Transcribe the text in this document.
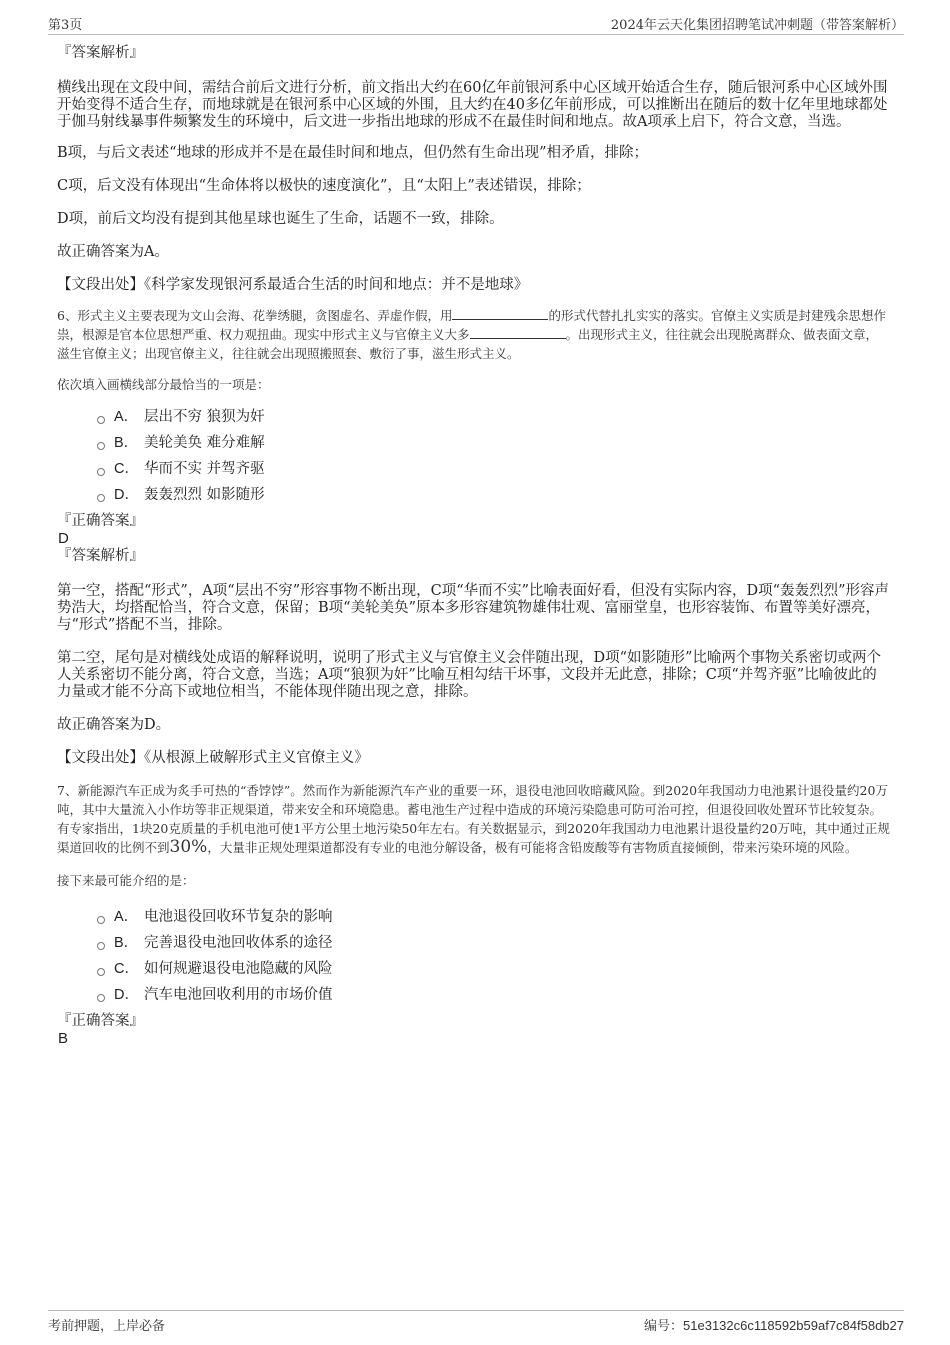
第3页	2024年云天化集团招聘笔试冲刺题（带答案解析）

『答案解析』

横线出现在文段中间，需结合前后文进行分析，前文指出大约在60亿年前银河系中心区域开始适合生存，随后银河系中心区域外围开始变得不适合生存，而地球就是在银河系中心区域的外围，且大约在40多亿年前形成，可以推断出在随后的数十亿年里地球都处于伽马射线暴事件频繁发生的环境中，后文进一步指出地球的形成不在最佳时间和地点。故A项承上启下，符合文意，当选。

B项，与后文表述“地球的形成并不是在最佳时间和地点，但仍然有生命出现”相矛盾，排除；

C项，后文没有体现出“生命体将以极快的速度演化”，且“太阳上”表述错误，排除；

D项，前后文均没有提到其他星球也诞生了生命，话题不一致，排除。

故正确答案为A。

【文段出处】《科学家发现银河系最适合生活的时间和地点：并不是地球》

6、形式主义主要表现为文山会海、花拳绣腿，贪图虚名、弄虚作假，用	的形式代替扎扎实实的落实。官僚主义实质是封建残余思想作祟，根源是官本位思想严重、权力观扭曲。现实中形式主义与官僚主义大多	。出现形式主义，往往就会出现脱离群众、做表面文章，滋生官僚主义；出现官僚主义，往往就会出现照搬照套、敷衍了事，滋生形式主义。

依次填入画横线部分最恰当的一项是：

A． 层出不穷 狼狈为奸
B． 美轮美奂 难分难解
C． 华而不实 并驾齐驱
D． 轰轰烈烈 如影随形

『正确答案』

D

『答案解析』

第一空，搭配“形式”，A项“层出不穷”形容事物不断出现，C项“华而不实”比喻表面好看，但没有实际内容，D项“轰轰烈烈”形容声势浩大，均搭配恰当，符合文意，保留；B项“美轮美奂”原本多形容建筑物雄伟壮观、富丽堂皇，也形容装饰、布置等美好漂亮，与“形式”搭配不当，排除。

第二空，尾句是对横线处成语的解释说明，说明了形式主义与官僚主义会伴随出现，D项“如影随形”比喻两个事物关系密切或两个人关系密切不能分离，符合文意，当选；A项“狼狈为奸”比喻互相勾结干坏事，文段并无此意，排除；C项“并驾齐驱”比喻彼此的力量或才能不分高下或地位相当，不能体现伴随出现之意，排除。

故正确答案为D。

【文段出处】《从根源上破解形式主义官僚主义》

7、新能源汽车正成为炙手可热的“香饽饽”。然而作为新能源汽车产业的重要一环，退役电池回收暗藏风险。到2020年我国动力电池累计退役量约20万吨，其中大量流入小作坊等非正规渠道，带来安全和环境隐患。蓄电池生产过程中造成的环境污染隐患可防可治可控，但退役回收处置环节比较复杂。有专家指出，1块20克质量的手机电池可使1平方公里土地污染50年左右。有关数据显示，到2020年我国动力电池累计退役量约20万吨，其中通过正规渠道回收的比例不到30%，大量非正规处理渠道都没有专业的电池分解设备，极有可能将含铅废酸等有害物质直接倾倒，带来污染环境的风险。

接下来最可能介绍的是：

A． 电池退役回收环节复杂的影响
B． 完善退役电池回收体系的途径
C． 如何规避退役电池隐藏的风险
D． 汽车电池回收利用的市场价值

『正确答案』

B

考前押题，上岸必备	编号：51e3132c6c118592b59af7c84f58db27
